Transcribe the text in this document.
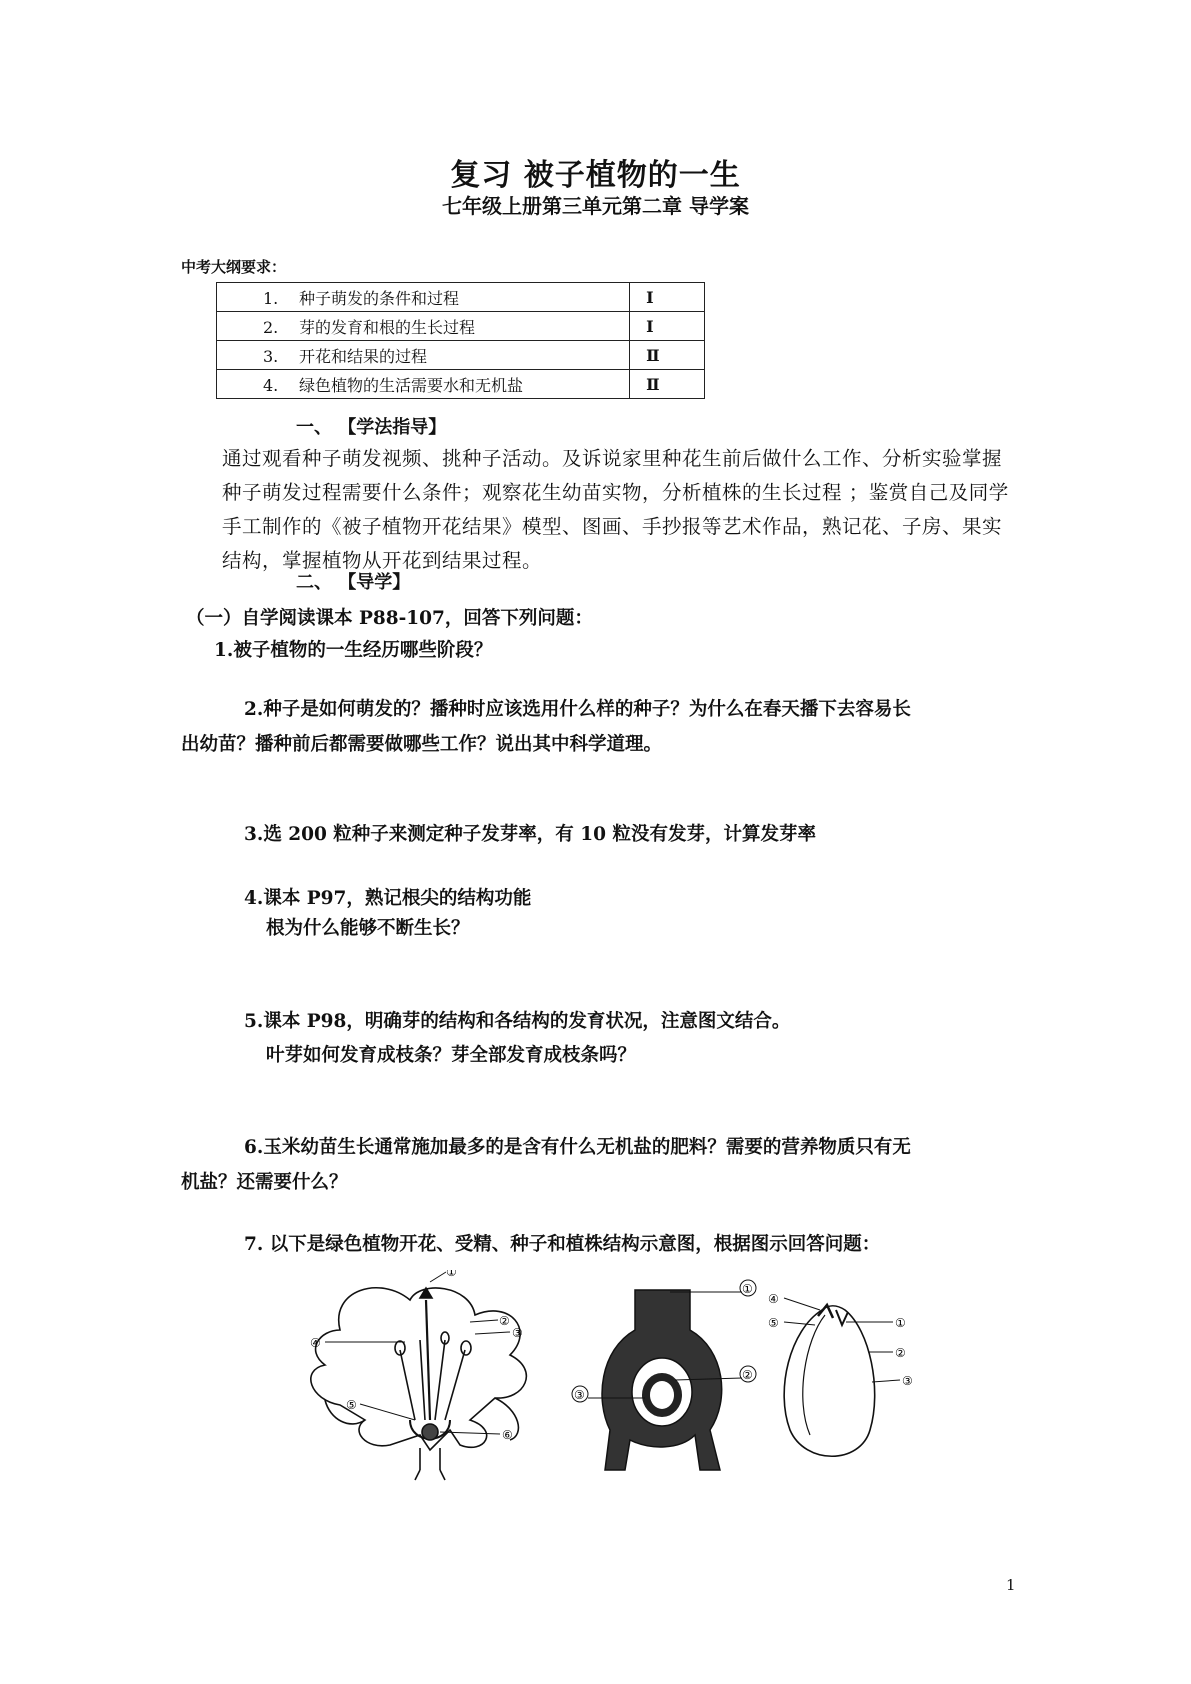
复习 被子植物的一生
七年级上册第三单元第二章 导学案
中考大纲要求：
1. 种子萌发的条件和过程	Ⅰ
2. 芽的发育和根的生长过程	Ⅰ
3. 开花和结果的过程	Ⅱ
4. 绿色植物的生活需要水和无机盐	Ⅱ
一、 【学法指导】
通过观看种子萌发视频、挑种子活动。及诉说家里种花生前后做什么工作、分析实验掌握种子萌发过程需要什么条件；观察花生幼苗实物，分析植株的生长过程 ；鉴赏自己及同学手工制作的《被子植物开花结果》模型、图画、手抄报等艺术作品，熟记花、子房、果实结构，掌握植物从开花到结果过程。
二、 【导学】
（一）自学阅读课本 P88-107，回答下列问题：
1.被子植物的一生经历哪些阶段？
2.种子是如何萌发的？播种时应该选用什么样的种子？为什么在春天播下去容易长
出幼苗？播种前后都需要做哪些工作？说出其中科学道理。
3.选 200 粒种子来测定种子发芽率，有 10 粒没有发芽，计算发芽率
4.课本 P97，熟记根尖的结构功能
根为什么能够不断生长？
5.课本 P98，明确芽的结构和各结构的发育状况，注意图文结合。
叶芽如何发育成枝条？芽全部发育成枝条吗？
6.玉米幼苗生长通常施加最多的是含有什么无机盐的肥料？需要的营养物质只有无
机盐？还需要什么？
7. 以下是绿色植物开花、受精、种子和植株结构示意图，根据图示回答问题：
①
②
③
④
⑤
⑥
①
②
③
④
⑤	①
②
③
1
